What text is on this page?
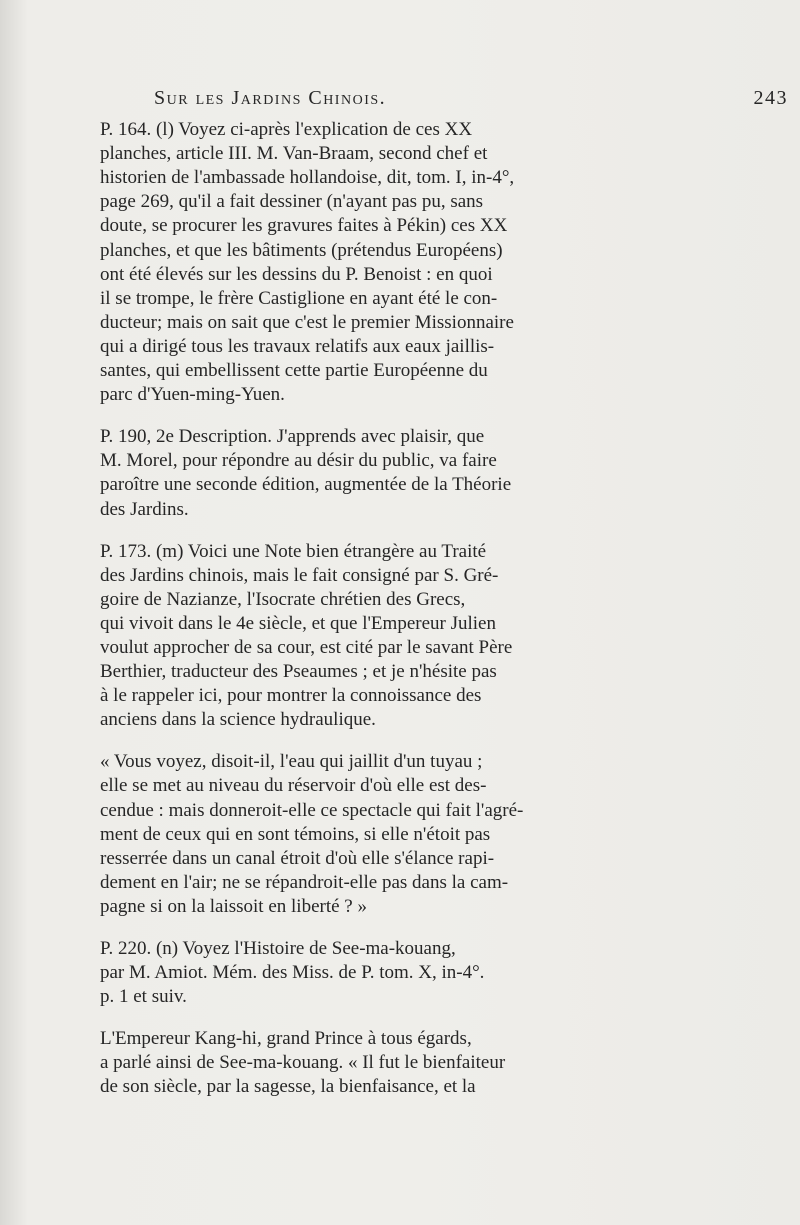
Sur les Jardins Chinois.	243

P. 164. (l) Voyez ci-après l'explication de ces XX
planches, article III. M. Van-Braam, second chef et
historien de l'ambassade hollandoise, dit, tom. I, in-4°,
page 269, qu'il a fait dessiner (n'ayant pas pu, sans
doute, se procurer les gravures faites à Pékin) ces XX
planches, et que les bâtiments (prétendus Européens)
ont été élevés sur les dessins du P. Benoist : en quoi
il se trompe, le frère Castiglione en ayant été le con-
ducteur; mais on sait que c'est le premier Missionnaire
qui a dirigé tous les travaux relatifs aux eaux jaillis-
santes, qui embellissent cette partie Européenne du
parc d'Yuen-ming-Yuen.

P. 190, 2e Description. J'apprends avec plaisir, que
M. Morel, pour répondre au désir du public, va faire
paroître une seconde édition, augmentée de la Théorie
des Jardins.

P. 173. (m) Voici une Note bien étrangère au Traité
des Jardins chinois, mais le fait consigné par S. Gré-
goire de Nazianze, l'Isocrate chrétien des Grecs,
qui vivoit dans le 4e siècle, et que l'Empereur Julien
voulut approcher de sa cour, est cité par le savant Père
Berthier, traducteur des Pseaumes ; et je n'hésite pas
à le rappeler ici, pour montrer la connoissance des
anciens dans la science hydraulique.

« Vous voyez, disoit-il, l'eau qui jaillit d'un tuyau ;
elle se met au niveau du réservoir d'où elle est des-
cendue : mais donneroit-elle ce spectacle qui fait l'agré-
ment de ceux qui en sont témoins, si elle n'étoit pas
resserrée dans un canal étroit d'où elle s'élance rapi-
dement en l'air; ne se répandroit-elle pas dans la cam-
pagne si on la laissoit en liberté ? »

P. 220. (n) Voyez l'Histoire de See-ma-kouang,
par M. Amiot. Mém. des Miss. de P. tom. X, in-4°.
p. 1 et suiv.

L'Empereur Kang-hi, grand Prince à tous égards,
a parlé ainsi de See-ma-kouang. « Il fut le bienfaiteur
de son siècle, par la sagesse, la bienfaisance, et la
